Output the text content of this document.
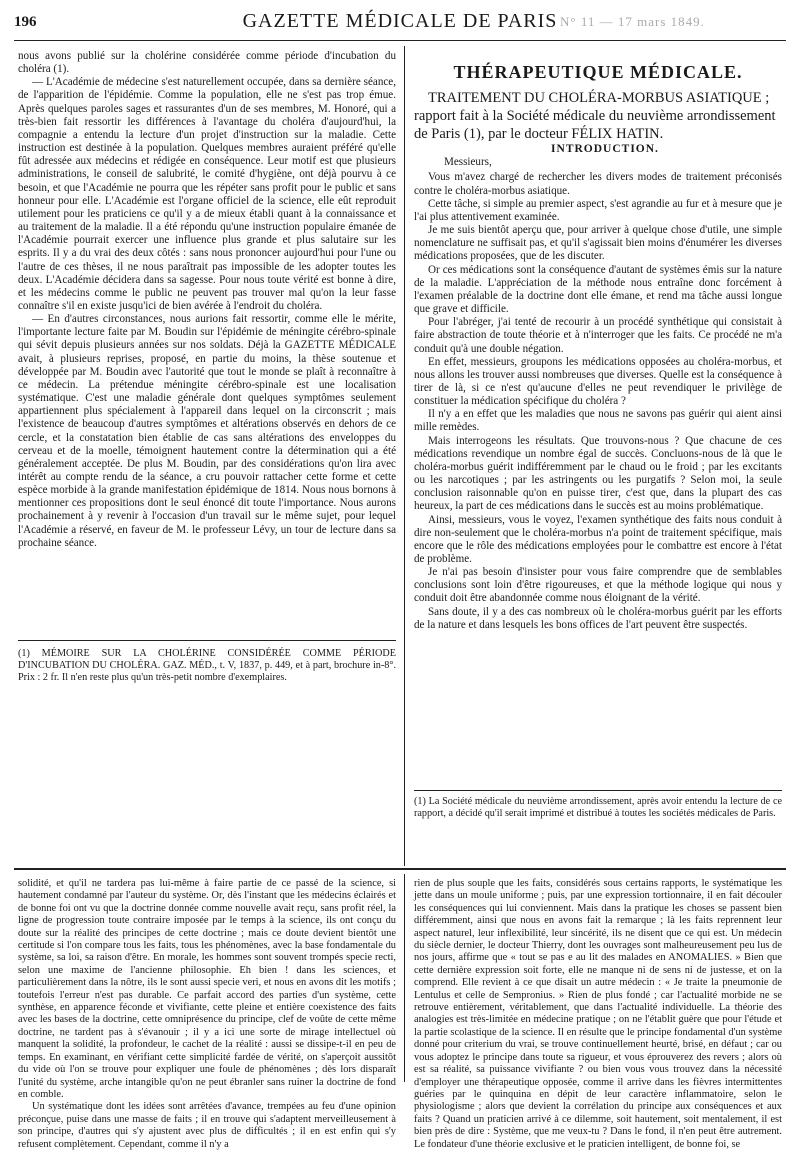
196	GAZETTE MÉDICALE DE PARIS N° 11 — 17 mars 1849.

nous avons publié sur la cholérine considérée comme période d'incubation du choléra (1).

— L'Académie de médecine s'est naturellement occupée, dans sa dernière séance, de l'apparition de l'épidémie. Comme la population, elle ne s'est pas trop émue. Après quelques paroles sages et rassurantes d'un de ses membres, M. Honoré, qui a très-bien fait ressortir les différences à l'avantage du choléra d'aujourd'hui, la compagnie a entendu la lecture d'un projet d'instruction sur la maladie. Cette instruction est destinée à la population. Quelques membres auraient préféré qu'elle fût adressée aux médecins et rédigée en conséquence. Leur motif est que plusieurs administrations, le conseil de salubrité, le comité d'hygiène, ont déjà pourvu à ce besoin, et que l'Académie ne pourra que les répéter sans profit pour le public et sans honneur pour elle. L'Académie est l'organe officiel de la science, elle eût reproduit utilement pour les praticiens ce qu'il y a de mieux établi quant à la connaissance et au traitement de la maladie. Il a été répondu qu'une instruction populaire émanée de l'Académie pourrait exercer une influence plus grande et plus salutaire sur les esprits. Il y a du vrai des deux côtés : sans nous prononcer aujourd'hui pour l'une ou l'autre de ces thèses, il ne nous paraîtrait pas impossible de les adopter toutes les deux. L'Académie décidera dans sa sagesse. Pour nous toute vérité est bonne à dire, et les médecins comme le public ne peuvent pas trouver mal qu'on la leur fasse connaître s'il en existe jusqu'ici de bien avérée à l'endroit du choléra.

— En d'autres circonstances, nous aurions fait ressortir, comme elle le mérite, l'importante lecture faite par M. Boudin sur l'épidémie de méningite cérébro-spinale qui sévit depuis plusieurs années sur nos soldats. Déjà la GAZETTE MÉDICALE avait, à plusieurs reprises, proposé, en partie du moins, la thèse soutenue et développée par M. Boudin avec l'autorité que tout le monde se plaît à reconnaître à ce médecin. La prétendue méningite cérébro-spinale est une localisation systématique. C'est une maladie générale dont quelques symptômes seulement appartiennent plus spécialement à l'appareil dans lequel on la circonscrit ; mais l'existence de beaucoup d'autres symptômes et altérations observés en dehors de ce cercle, et la constatation bien établie de cas sans altérations des enveloppes du cerveau et de la moelle, témoignent hautement contre la détermination qui a été généralement acceptée. De plus M. Boudin, par des considérations qu'on lira avec intérêt au compte rendu de la séance, a cru pouvoir rattacher cette forme et cette espèce morbide à la grande manifestation épidémique de 1814. Nous nous bornons à mentionner ces propositions dont le seul énoncé dit toute l'importance. Nous aurons prochainement à y revenir à l'occasion d'un travail sur le même sujet, pour lequel l'Académie a réservé, en faveur de M. le professeur Lévy, un tour de lecture dans sa prochaine séance.

(1) MÉMOIRE SUR LA CHOLÉRINE CONSIDÉRÉE COMME PÉRIODE D'INCUBATION DU CHOLÉRA. GAZ. MÉD., t. V, 1837, p. 449, et à part, brochure in-8°. Prix : 2 fr. Il n'en reste plus qu'un très-petit nombre d'exemplaires.

THÉRAPEUTIQUE MÉDICALE.

TRAITEMENT DU CHOLÉRA-MORBUS ASIATIQUE ; rapport fait à la Société médicale du neuvième arrondissement de Paris (1), par le docteur FÉLIX HATIN.

INTRODUCTION.

Messieurs,

Vous m'avez chargé de rechercher les divers modes de traitement préconisés contre le choléra-morbus asiatique.

Cette tâche, si simple au premier aspect, s'est agrandie au fur et à mesure que je l'ai plus attentivement examinée.

Je me suis bientôt aperçu que, pour arriver à quelque chose d'utile, une simple nomenclature ne suffisait pas, et qu'il s'agissait bien moins d'énumérer les diverses médications proposées, que de les discuter.

Or ces médications sont la conséquence d'autant de systèmes émis sur la nature de la maladie. L'appréciation de la méthode nous entraîne donc forcément à l'examen préalable de la doctrine dont elle émane, et rend ma tâche aussi longue que grave et difficile.

Pour l'abréger, j'ai tenté de recourir à un procédé synthétique qui consistait à faire abstraction de toute théorie et à n'interroger que les faits. Ce procédé ne m'a conduit qu'à une double négation.

En effet, messieurs, groupons les médications opposées au choléra-morbus, et nous allons les trouver aussi nombreuses que diverses. Quelle est la conséquence à tirer de là, si ce n'est qu'aucune d'elles ne peut revendiquer le privilège de constituer la médication spécifique du choléra ?

Il n'y a en effet que les maladies que nous ne savons pas guérir qui aient ainsi mille remèdes.

Mais interrogeons les résultats. Que trouvons-nous ? Que chacune de ces médications revendique un nombre égal de succès. Concluons-nous de là que le choléra-morbus guérit indifféremment par le chaud ou le froid ; par les excitants ou les narcotiques ; par les astringents ou les purgatifs ? Selon moi, la seule conclusion raisonnable qu'on en puisse tirer, c'est que, dans la plupart des cas heureux, la part de ces médications dans le succès est au moins problématique.

Ainsi, messieurs, vous le voyez, l'examen synthétique des faits nous conduit à dire non-seulement que le choléra-morbus n'a point de traitement spécifique, mais encore que le rôle des médications employées pour le combattre est encore à l'état de problème.

Je n'ai pas besoin d'insister pour vous faire comprendre que de semblables conclusions sont loin d'être rigoureuses, et que la méthode logique qui nous y conduit doit être abandonnée comme nous éloignant de la vérité.

Sans doute, il y a des cas nombreux où le choléra-morbus guérit par les efforts de la nature et dans lesquels les bons offices de l'art peuvent être suspectés.

(1) La Société médicale du neuvième arrondissement, après avoir entendu la lecture de ce rapport, a décidé qu'il serait imprimé et distribué à toutes les sociétés médicales de Paris.

solidité, et qu'il ne tardera pas lui-même à faire partie de ce passé de la science, si hautement condamné par l'auteur du système. Or, dès l'instant que les médecins éclairés et de bonne foi ont vu que la doctrine donnée comme nouvelle avait reçu, sans profit réel, la ligne de progression toute contraire imposée par le temps à la science, ils ont conçu du doute sur la réalité des principes de cette doctrine ; mais ce doute devient bientôt une certitude si l'on compare tous les faits, tous les phénomènes, avec la base fondamentale du système, sa loi, sa raison d'être. En morale, les hommes sont souvent trompés specie recti, selon une maxime de l'ancienne philosophie. Eh bien ! dans les sciences, et particulièrement dans la nôtre, ils le sont aussi specie veri, et nous en avons dit les motifs ; toutefois l'erreur n'est pas durable. Ce parfait accord des parties d'un système, cette synthèse, en apparence féconde et vivifiante, cette pleine et entière coexistence des faits avec les bases de la doctrine, cette omniprésence du principe, clef de voûte de cette même doctrine, ne tardent pas à s'évanouir ; il y a ici une sorte de mirage intellectuel où manquent la solidité, la profondeur, le cachet de la réalité : aussi se dissipe-t-il en peu de temps. En examinant, en vérifiant cette simplicité fardée de vérité, on s'aperçoit aussitôt du vide où l'on se trouve pour expliquer une foule de phénomènes ; dès lors disparaît l'unité du système, arche intangible qu'on ne peut ébranler sans ruiner la doctrine de fond en comble.

Un systématique dont les idées sont arrêtées d'avance, trempées au feu d'une opinion préconçue, puise dans une masse de faits ; il en trouve qui s'adaptent merveilleusement à son principe, d'autres qui s'y ajustent avec plus de difficultés ; il en est enfin qui s'y refusent complètement. Cependant, comme il n'y a

rien de plus souple que les faits, considérés sous certains rapports, le systématique les jette dans un moule uniforme ; puis, par une expression tortionnaire, il en fait découler les conséquences qui lui conviennent. Mais dans la pratique les choses se passent bien différemment, ainsi que nous en avons fait la remarque ; là les faits reprennent leur aspect naturel, leur inflexibilité, leur sincérité, ils ne disent que ce qui est. Un médecin du siècle dernier, le docteur Thierry, dont les ouvrages sont malheureusement peu lus de nos jours, affirme que « tout se pas e au lit des malades en ANOMALIES. » Bien que cette dernière expression soit forte, elle ne manque ni de sens ni de justesse, et on la comprend. Elle revient à ce que disait un autre médecin : « Je traite la pneumonie de Lentulus et celle de Sempronius. » Rien de plus fondé ; car l'actualité morbide ne se retrouve entièrement, véritablement, que dans l'actualité individuelle. La théorie des analogies est très-limitée en médecine pratique ; on ne l'établit guère que pour l'étude et la partie scolastique de la science. Il en résulte que le principe fondamental d'un système donné pour criterium du vrai, se trouve continuellement heurté, brisé, en défaut ; car ou vous adoptez le principe dans toute sa rigueur, et vous éprouverez des revers ; alors où est sa réalité, sa puissance vivifiante ? ou bien vous vous trouvez dans la nécessité d'employer une thérapeutique opposée, comme il arrive dans les fièvres intermittentes guéries par le quinquina en dépit de leur caractère inflammatoire, selon le physiologisme ; alors que devient la corrélation du principe aux conséquences et aux faits ? Quand un praticien arrivé à ce dilemme, soit hautement, soit mentalement, il est bien près de dire : Système, que me veux-tu ? Dans le fond, il n'en peut être autrement. Le fondateur d'une théorie exclusive et le praticien intelligent, de bonne foi, se
